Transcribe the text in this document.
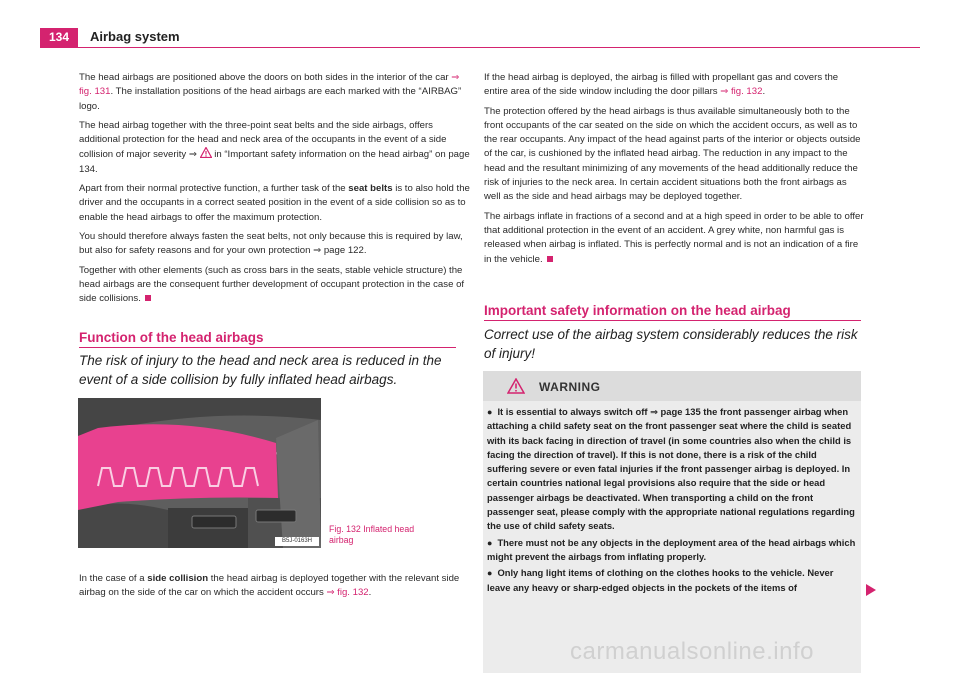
134	Airbag system

The head airbags are positioned above the doors on both sides in the interior of the car ⇒ fig. 131. The installation positions of the head airbags are each marked with the “AIRBAG” logo.

The head airbag together with the three-point seat belts and the side airbags, offers additional protection for the head and neck area of the occupants in the event of a side collision of major severity ⇒  in “Important safety information on the head airbag” on page 134.

Apart from their normal protective function, a further task of the seat belts is to also hold the driver and the occupants in a correct seated position in the event of a side collision so as to enable the head airbags to offer the maximum protection.

You should therefore always fasten the seat belts, not only because this is required by law, but also for safety reasons and for your own protection ⇒ page 122.

Together with other elements (such as cross bars in the seats, stable vehicle structure) the head airbags are the consequent further development of occupant protection in the case of side collisions.

Function of the head airbags
The risk of injury to the head and neck area is reduced in the event of a side collision by fully inflated head airbags.
B5J-0163H
Fig. 132 Inflated head
airbag

In the case of a side collision the head airbag is deployed together with the relevant side airbag on the side of the car on which the accident occurs ⇒ fig. 132.

If the head airbag is deployed, the airbag is filled with propellant gas and covers the entire area of the side window including the door pillars ⇒ fig. 132.

The protection offered by the head airbags is thus available simultaneously both to the front occupants of the car seated on the side on which the accident occurs, as well as to the rear occupants. Any impact of the head against parts of the interior or objects outside of the car, is cushioned by the inflated head airbag. The reduction in any impact to the head and the resultant minimizing of any movements of the head additionally reduce the risk of injuries to the neck area. In certain accident situations both the front airbags as well as the side and head airbags may be deployed together.

The airbags inflate in fractions of a second and at a high speed in order to be able to offer that additional protection in the event of an accident. A grey white, non harmful gas is released when airbag is inflated. This is perfectly normal and is not an indication of a fire in the vehicle.

Important safety information on the head airbag
Correct use of the airbag system considerably reduces the risk of injury!
WARNING

● It is essential to always switch off ⇒ page 135 the front passenger airbag when attaching a child safety seat on the front passenger seat where the child is seated with its back facing in direction of travel (in some countries also when the child is facing the direction of travel). If this is not done, there is a risk of the child suffering severe or even fatal injuries if the front passenger airbag is deployed. In certain countries national legal provisions also require that the side or head passenger airbags be deactivated. When transporting a child on the front passenger seat, please comply with the appropriate national regulations regarding the use of child safety seats.

● There must not be any objects in the deployment area of the head airbags which might prevent the airbags from inflating properly.

● Only hang light items of clothing on the clothes hooks to the vehicle. Never leave any heavy or sharp-edged objects in the pockets of the items of

carmanualsonline.info
